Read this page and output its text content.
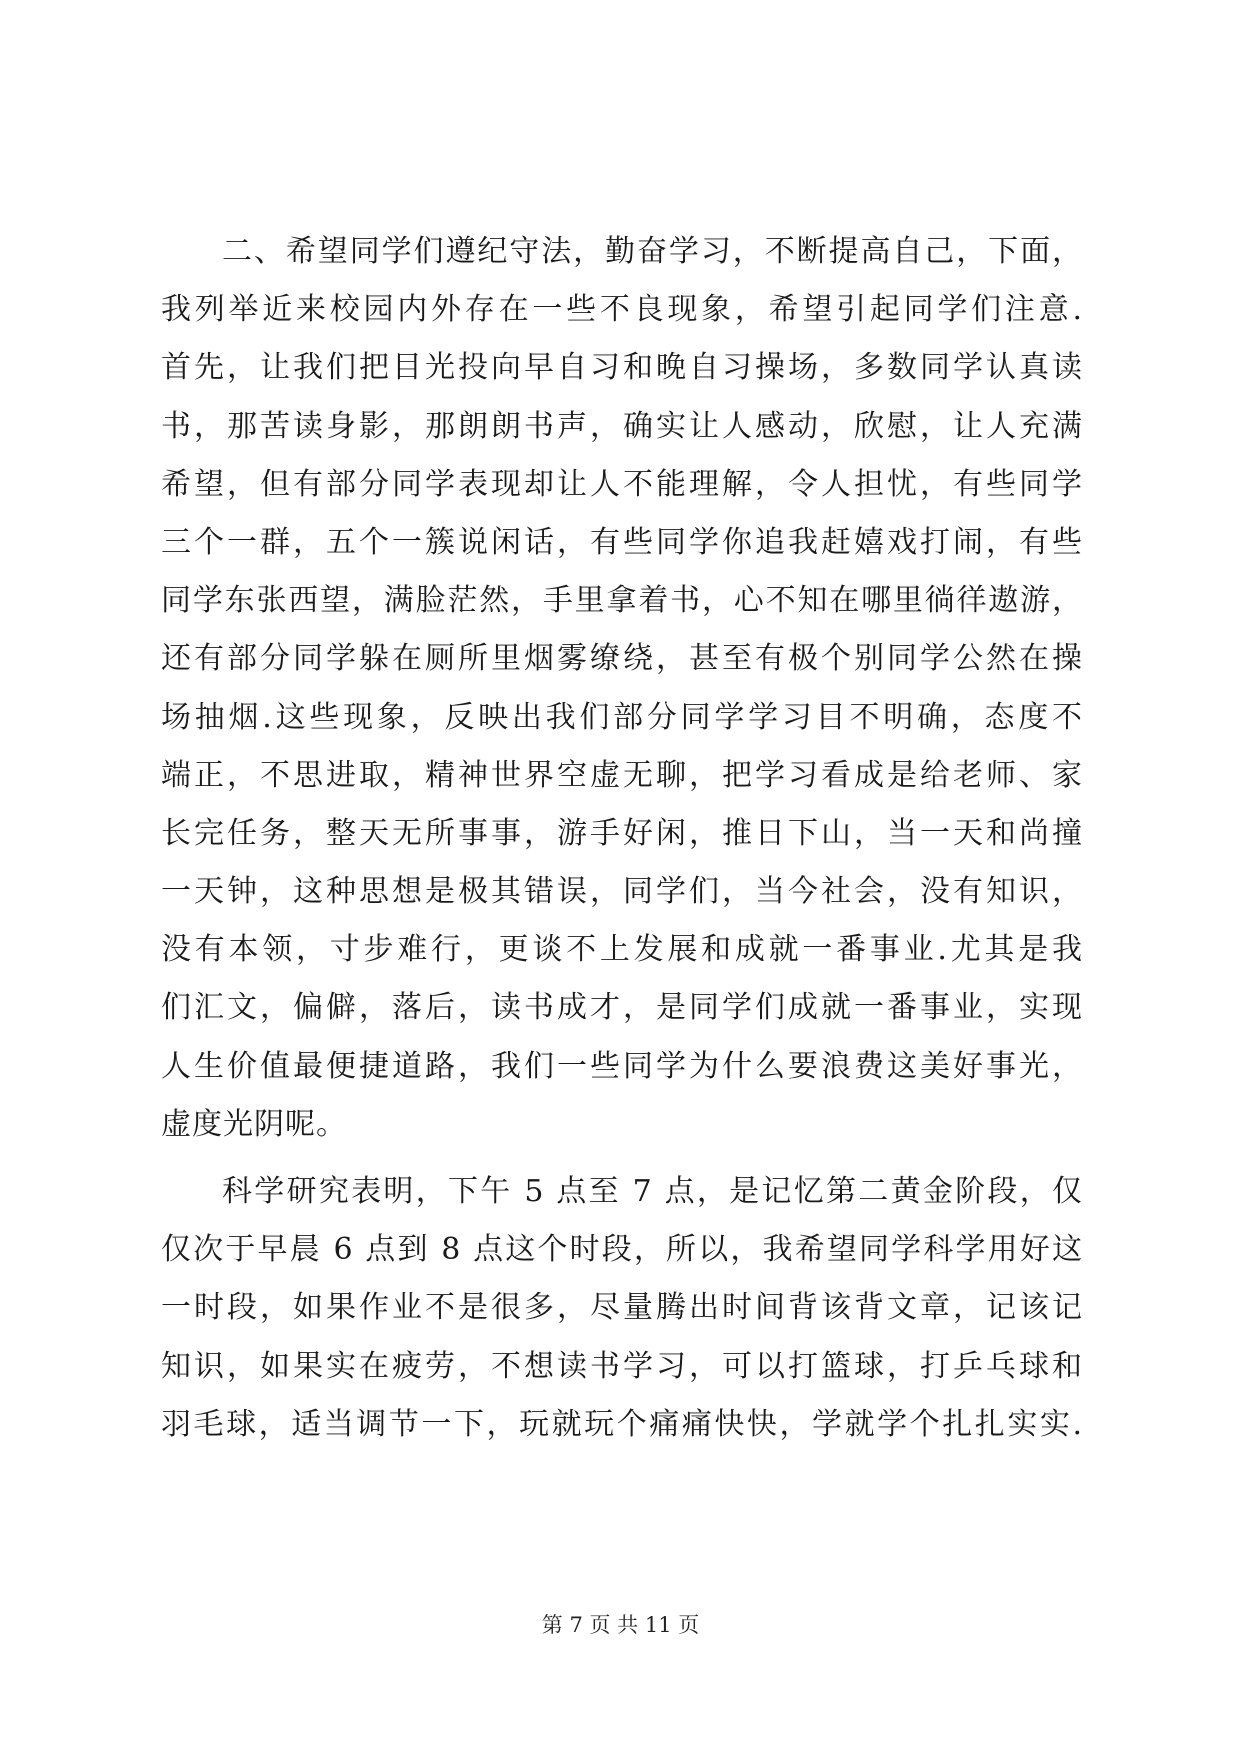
二、希望同学们遵纪守法，勤奋学习，不断提高自己，下面，
我列举近来校园内外存在一些不良现象，希望引起同学们注意.
首先，让我们把目光投向早自习和晚自习操场，多数同学认真读
书，那苦读身影，那朗朗书声，确实让人感动，欣慰，让人充满
希望，但有部分同学表现却让人不能理解，令人担忧，有些同学
三个一群，五个一簇说闲话，有些同学你追我赶嬉戏打闹，有些
同学东张西望，满脸茫然，手里拿着书，心不知在哪里徜徉遨游，
还有部分同学躲在厕所里烟雾缭绕，甚至有极个别同学公然在操
场抽烟.这些现象，反映出我们部分同学学习目不明确，态度不
端正，不思进取，精神世界空虚无聊，把学习看成是给老师、家
长完任务，整天无所事事，游手好闲，推日下山，当一天和尚撞
一天钟，这种思想是极其错误，同学们，当今社会，没有知识，
没有本领，寸步难行，更谈不上发展和成就一番事业.尤其是我
们汇文，偏僻，落后，读书成才，是同学们成就一番事业，实现
人生价值最便捷道路，我们一些同学为什么要浪费这美好事光，
虚度光阴呢。
科学研究表明，下午 5 点至 7 点，是记忆第二黄金阶段，仅
仅次于早晨 6 点到 8 点这个时段，所以，我希望同学科学用好这
一时段，如果作业不是很多，尽量腾出时间背该背文章，记该记
知识，如果实在疲劳，不想读书学习，可以打篮球，打乒乓球和
羽毛球，适当调节一下，玩就玩个痛痛快快，学就学个扎扎实实.
第 7 页 共 11 页
